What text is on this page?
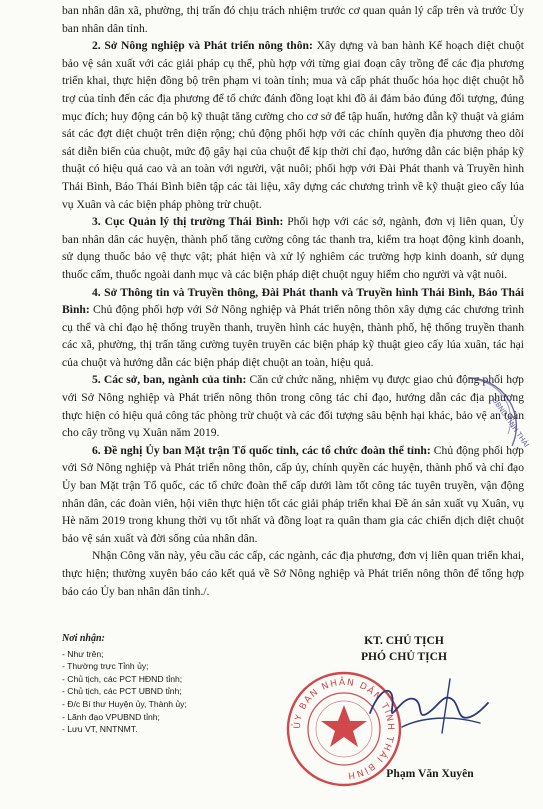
ban nhân dân xã, phường, thị trấn đó chịu trách nhiệm trước cơ quan quản lý cấp trên và trước Ủy ban nhân dân tỉnh.

2. Sở Nông nghiệp và Phát triển nông thôn: Xây dựng và ban hành Kế hoạch diệt chuột bảo vệ sản xuất với các giải pháp cụ thể, phù hợp với từng giai đoạn cây trồng để các địa phương triển khai, thực hiện đồng bộ trên phạm vi toàn tỉnh; mua và cấp phát thuốc hóa học diệt chuột hỗ trợ của tỉnh đến các địa phương để tổ chức đánh đồng loạt khi đồ ải đảm bảo đúng đối tượng, đúng mục đích; huy động cán bộ kỹ thuật tăng cường cho cơ sở để tập huấn, hướng dẫn kỹ thuật và giám sát các đợt diệt chuột trên diện rộng; chủ động phối hợp với các chính quyền địa phương theo dõi sát diễn biến của chuột, mức độ gây hại của chuột để kịp thời chỉ đạo, hướng dẫn các biện pháp kỹ thuật có hiệu quả cao và an toàn với người, vật nuôi; phối hợp với Đài Phát thanh và Truyền hình Thái Bình, Báo Thái Bình biên tập các tài liệu, xây dựng các chương trình về kỹ thuật gieo cấy lúa vụ Xuân và các biện pháp phòng trừ chuột.

3. Cục Quản lý thị trường Thái Bình: Phối hợp với các sở, ngành, đơn vị liên quan, Ủy ban nhân dân các huyện, thành phố tăng cường công tác thanh tra, kiểm tra hoạt động kinh doanh, sử dụng thuốc bảo vệ thực vật; phát hiện và xử lý nghiêm các trường hợp kinh doanh, sử dụng thuốc cấm, thuốc ngoài danh mục và các biện pháp diệt chuột nguy hiểm cho người và vật nuôi.

4. Sở Thông tin và Truyền thông, Đài Phát thanh và Truyền hình Thái Bình, Báo Thái Bình: Chủ động phối hợp với Sở Nông nghiệp và Phát triển nông thôn xây dựng các chương trình cụ thể và chỉ đạo hệ thống truyền thanh, truyền hình các huyện, thành phố, hệ thống truyền thanh các xã, phường, thị trấn tăng cường tuyên truyền các biện pháp kỹ thuật gieo cấy lúa xuân, tác hại của chuột và hướng dẫn các biện pháp diệt chuột an toàn, hiệu quả.

5. Các sở, ban, ngành của tỉnh: Căn cứ chức năng, nhiệm vụ được giao chủ động phối hợp với Sở Nông nghiệp và Phát triển nông thôn trong công tác chỉ đạo, hướng dẫn các địa phương thực hiện có hiệu quả công tác phòng trừ chuột và các đối tượng sâu bệnh hại khác, bảo vệ an toàn cho cây trồng vụ Xuân năm 2019.

6. Đề nghị Ủy ban Mặt trận Tổ quốc tỉnh, các tổ chức đoàn thể tỉnh: Chủ động phối hợp với Sở Nông nghiệp và Phát triển nông thôn, cấp ủy, chính quyền các huyện, thành phố và chỉ đạo Ủy ban Mặt trận Tổ quốc, các tổ chức đoàn thể cấp dưới làm tốt công tác tuyên truyền, vận động nhân dân, các đoàn viên, hội viên thực hiện tốt các giải pháp triển khai Đề án sản xuất vụ Xuân, vụ Hè năm 2019 trong khung thời vụ tốt nhất và đồng loạt ra quân tham gia các chiến dịch diệt chuột bảo vệ sản xuất và đời sống của nhân dân.

Nhận Công văn này, yêu cầu các cấp, các ngành, các địa phương, đơn vị liên quan triển khai, thực hiện; thường xuyên báo cáo kết quả về Sở Nông nghiệp và Phát triển nông thôn để tổng hợp báo cáo Ủy ban nhân dân tỉnh./.

UBND TỈNH THÁI
Nơi nhận:
- Như trên;
- Thường trực Tỉnh ủy;
- Chủ tịch, các PCT HĐND tỉnh;
- Chủ tịch, các PCT UBND tỉnh;
- Đ/c Bí thư Huyện ủy, Thành ủy;
- Lãnh đạo VPUBND tỉnh;
- Lưu VT, NNTNMT.
KT. CHỦ TỊCH
PHÓ CHỦ TỊCH
ỦY BAN NHÂN DÂN TỈNH THÁI BÌNH	Phạm Văn Xuyên
